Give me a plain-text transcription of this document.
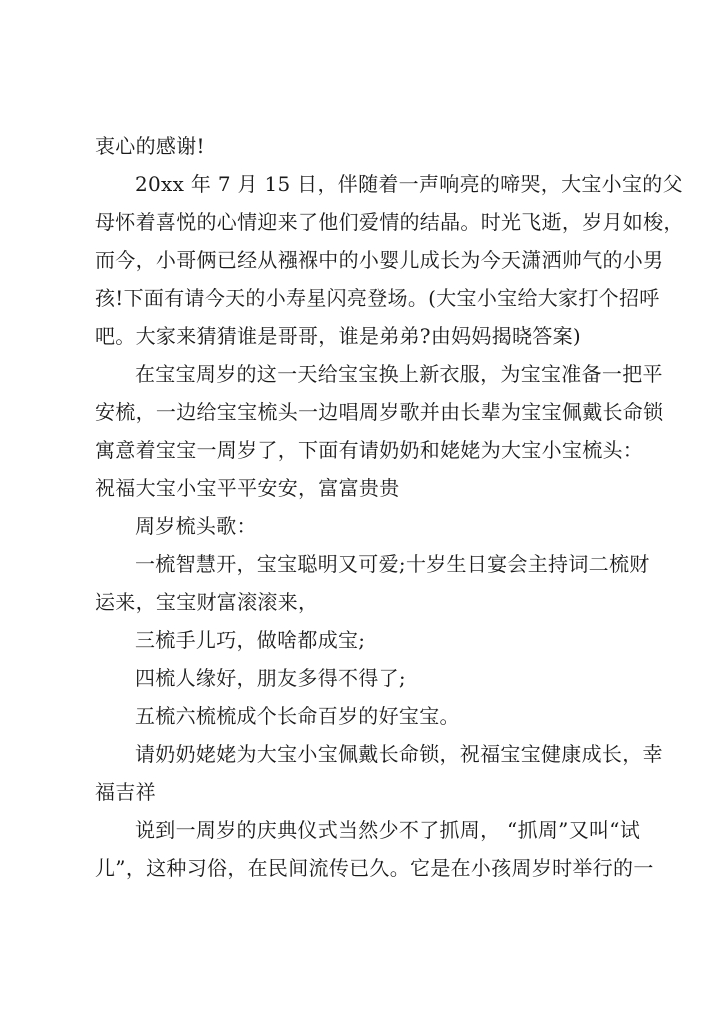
衷心的感谢!
20xx 年 7 月 15 日，伴随着一声响亮的啼哭，大宝小宝的父
母怀着喜悦的心情迎来了他们爱情的结晶。时光飞逝，岁月如梭，
而今，小哥俩已经从襁褓中的小婴儿成长为今天潇洒帅气的小男
孩!下面有请今天的小寿星闪亮登场。(大宝小宝给大家打个招呼
吧。大家来猜猜谁是哥哥，谁是弟弟?由妈妈揭晓答案)
在宝宝周岁的这一天给宝宝换上新衣服，为宝宝准备一把平
安梳，一边给宝宝梳头一边唱周岁歌并由长辈为宝宝佩戴长命锁
寓意着宝宝一周岁了，下面有请奶奶和姥姥为大宝小宝梳头：
祝福大宝小宝平平安安，富富贵贵
周岁梳头歌：
一梳智慧开，宝宝聪明又可爱;十岁生日宴会主持词二梳财
运来，宝宝财富滚滚来，
三梳手儿巧，做啥都成宝;
四梳人缘好，朋友多得不得了;
五梳六梳梳成个长命百岁的好宝宝。
请奶奶姥姥为大宝小宝佩戴长命锁，祝福宝宝健康成长，幸
福吉祥
说到一周岁的庆典仪式当然少不了抓周， “抓周”又叫“试
儿”，这种习俗，在民间流传已久。它是在小孩周岁时举行的一
